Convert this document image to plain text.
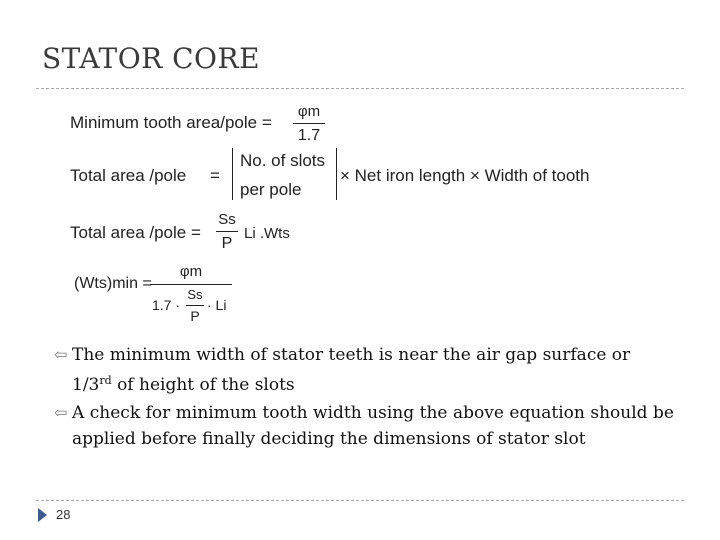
STATOR CORE
Minimum tooth area/pole =
φm
1.7
Total area /pole =
No. of slots
per pole
× Net iron length × Width of tooth
Total area /pole =
Ss
P
Li .Wts
(Wts)min =
φm
1.7 ·
Ss
P
· Li
⇦ The minimum width of stator teeth is near the air gap surface or 1/3rd of height of the slots
⇦ A check for minimum tooth width using the above equation should be applied before finally deciding the dimensions of stator slot
28
